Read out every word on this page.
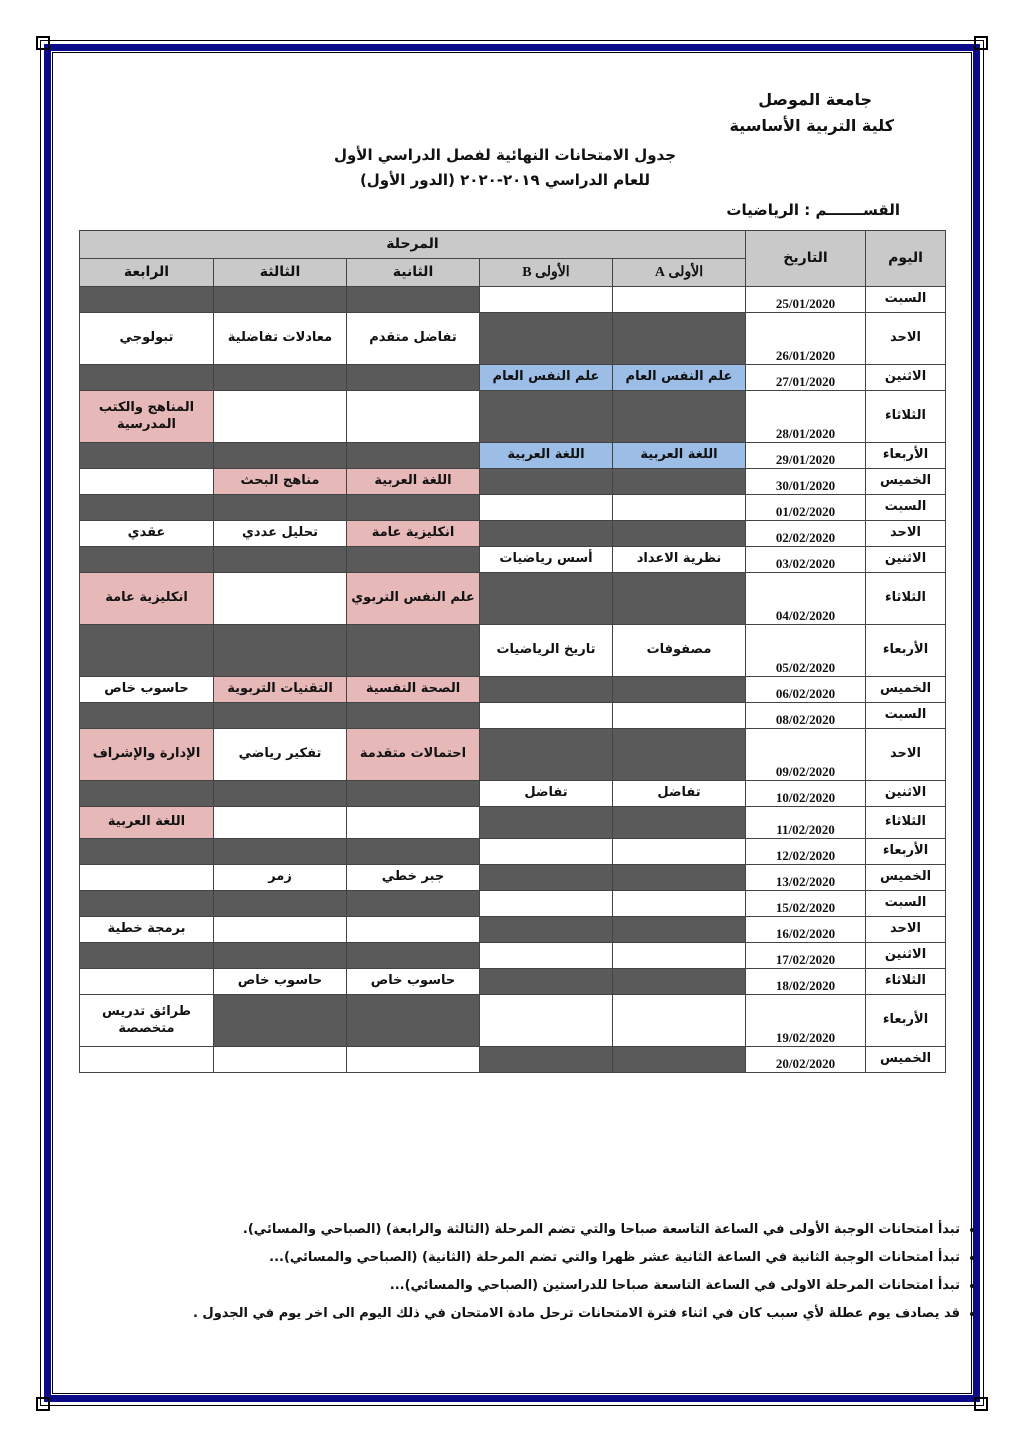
جامعة الموصل
كلية التربية الأساسية
جدول الامتحانات النهائية لفصل الدراسي الأول
للعام الدراسي ٢٠١٩-٢٠٢٠ (الدور الأول)
القســـــــم : الرياضيات
اليوم	التاريخ	المرحلة				
		الأولى A	الأولى B	الثانية	الثالثة	الرابعة
السبت	25/01/2020					
الاحد	26/01/2020			تفاضل متقدم	معادلات تفاضلية	تبولوجي
الاثنين	27/01/2020	علم النفس العام	علم النفس العام			
الثلاثاء	28/01/2020					المناهج والكتب المدرسية
الأربعاء	29/01/2020	اللغة العربية	اللغة العربية			
الخميس	30/01/2020			اللغة العربية	مناهج البحث	
السبت	01/02/2020					
الاحد	02/02/2020			انكليزية عامة	تحليل عددي	عقدي
الاثنين	03/02/2020	نظرية الاعداد	أسس رياضيات			
الثلاثاء	04/02/2020			علم النفس التربوي		انكليزية عامة
الأربعاء	05/02/2020	مصفوفات	تاريخ الرياضيات			
الخميس	06/02/2020			الصحة النفسية	التقنيات التربوية	حاسوب خاص
السبت	08/02/2020					
الاحد	09/02/2020			احتمالات متقدمة	تفكير رياضي	الإدارة والإشراف
الاثنين	10/02/2020	تفاضل	تفاضل			
الثلاثاء	11/02/2020					اللغة العربية
الأربعاء	12/02/2020					
الخميس	13/02/2020			جبر خطي	زمر	
السبت	15/02/2020					
الاحد	16/02/2020					برمجة خطية
الاثنين	17/02/2020					
الثلاثاء	18/02/2020			حاسوب خاص	حاسوب خاص	
الأربعاء	19/02/2020					طرائق تدريس متخصصة
الخميس	20/02/2020					
• تبدأ امتحانات الوجبة الأولى في الساعة التاسعة صباحا والتي تضم المرحلة (الثالثة والرابعة) (الصباحي والمسائي).
• تبدأ امتحانات الوجبة الثانية في الساعة الثانية عشر ظهرا والتي تضم المرحلة (الثانية) (الصباحي والمسائي)...
• تبدأ امتحانات المرحلة الاولى في الساعة التاسعة صباحا للدراستين (الصباحي والمسائي)...
• قد يصادف يوم عطلة لأي سبب كان في اثناء فترة الامتحانات ترحل مادة الامتحان في ذلك اليوم الى اخر يوم في الجدول .
